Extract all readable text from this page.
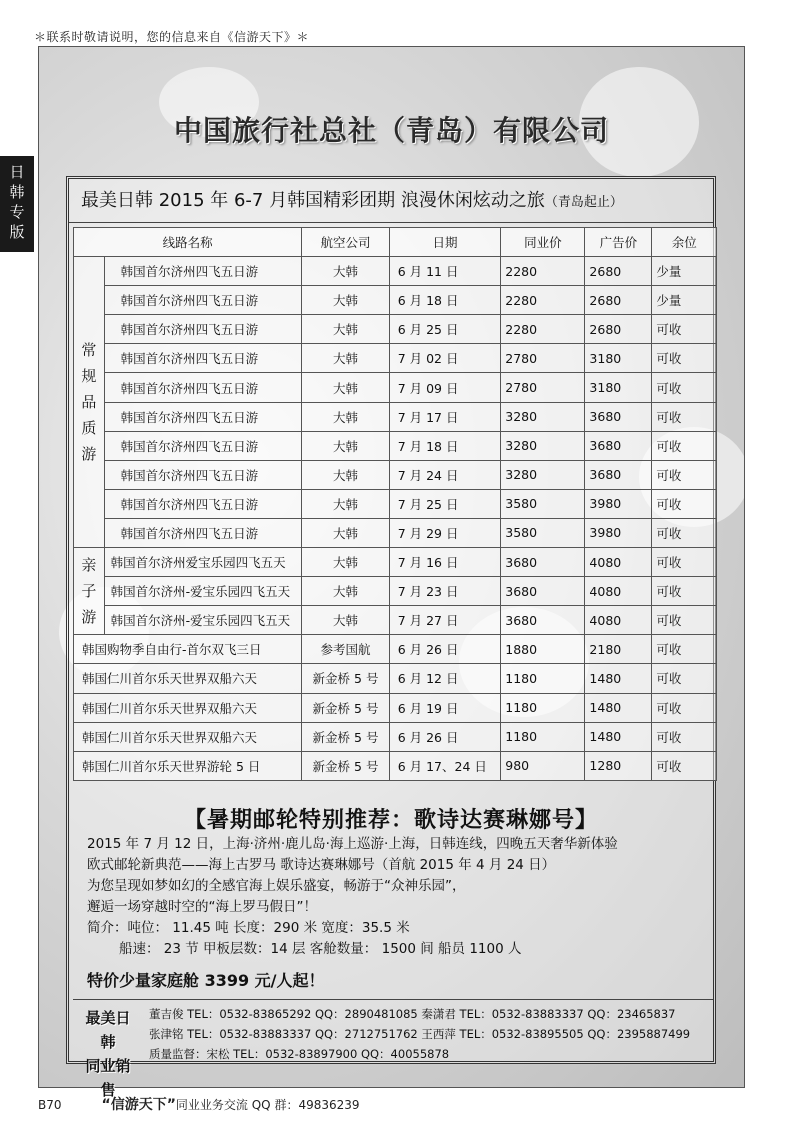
＊联系时敬请说明，您的信息来自《信游天下》＊
日
韩
专
版
中国旅行社总社（青岛）有限公司
最美日韩 2015 年 6-7 月韩国精彩团期 浪漫休闲炫动之旅（青岛起止）
线路名称		航空公司	日期	同业价	广告价	余位

常
规
品
质
游	韩国首尔济州四飞五日游	大韩	6 月 11 日	2280	2680	少量
	韩国首尔济州四飞五日游	大韩	6 月 18 日	2280	2680	少量
	韩国首尔济州四飞五日游	大韩	6 月 25 日	2280	2680	可收
	韩国首尔济州四飞五日游	大韩	7 月 02 日	2780	3180	可收
	韩国首尔济州四飞五日游	大韩	7 月 09 日	2780	3180	可收
	韩国首尔济州四飞五日游	大韩	7 月 17 日	3280	3680	可收
	韩国首尔济州四飞五日游	大韩	7 月 18 日	3280	3680	可收
	韩国首尔济州四飞五日游	大韩	7 月 24 日	3280	3680	可收
	韩国首尔济州四飞五日游	大韩	7 月 25 日	3580	3980	可收
	韩国首尔济州四飞五日游	大韩	7 月 29 日	3580	3980	可收

亲
子
游	韩国首尔济州爱宝乐园四飞五天	大韩	7 月 16 日	3680	4080	可收
	韩国首尔济州-爱宝乐园四飞五天	大韩	7 月 23 日	3680	4080	可收
	韩国首尔济州-爱宝乐园四飞五天	大韩	7 月 27 日	3680	4080	可收
韩国购物季自由行-首尔双飞三日		参考国航	6 月 26 日	1880	2180	可收
韩国仁川首尔乐天世界双船六天		新金桥 5 号	6 月 12 日	1180	1480	可收
韩国仁川首尔乐天世界双船六天		新金桥 5 号	6 月 19 日	1180	1480	可收
韩国仁川首尔乐天世界双船六天		新金桥 5 号	6 月 26 日	1180	1480	可收
韩国仁川首尔乐天世界游轮 5 日		新金桥 5 号	6 月 17、24 日	980	1280	可收
【暑期邮轮特别推荐：歌诗达赛琳娜号】

2015 年 7 月 12 日，上海·济州·鹿儿岛·海上巡游·上海，日韩连线，四晚五天奢华新体验

欧式邮轮新典范——海上古罗马 歌诗达赛琳娜号（首航 2015 年 4 月 24 日）

为您呈现如梦如幻的全感官海上娱乐盛宴，畅游于“众神乐园”，

邂逅一场穿越时空的“海上罗马假日”！

简介：吨位： 11.45 吨 长度：290 米 宽度：35.5 米

船速： 23 节 甲板层数：14 层 客舱数量： 1500 间 船员 1100 人

特价少量家庭舱 3399 元/人起！

最美日韩
同业销售
董吉俊 TEL：0532-83865292 QQ：2890481085 秦潇君 TEL：0532-83883337 QQ：23465837
张津铭 TEL：0532-83883337 QQ：2712751762 王西萍 TEL：0532-83895505 QQ：2395887499
质量监督：宋松 TEL：0532-83897900 QQ：40055878
B70	“信游天下”同业业务交流 QQ 群：49836239
